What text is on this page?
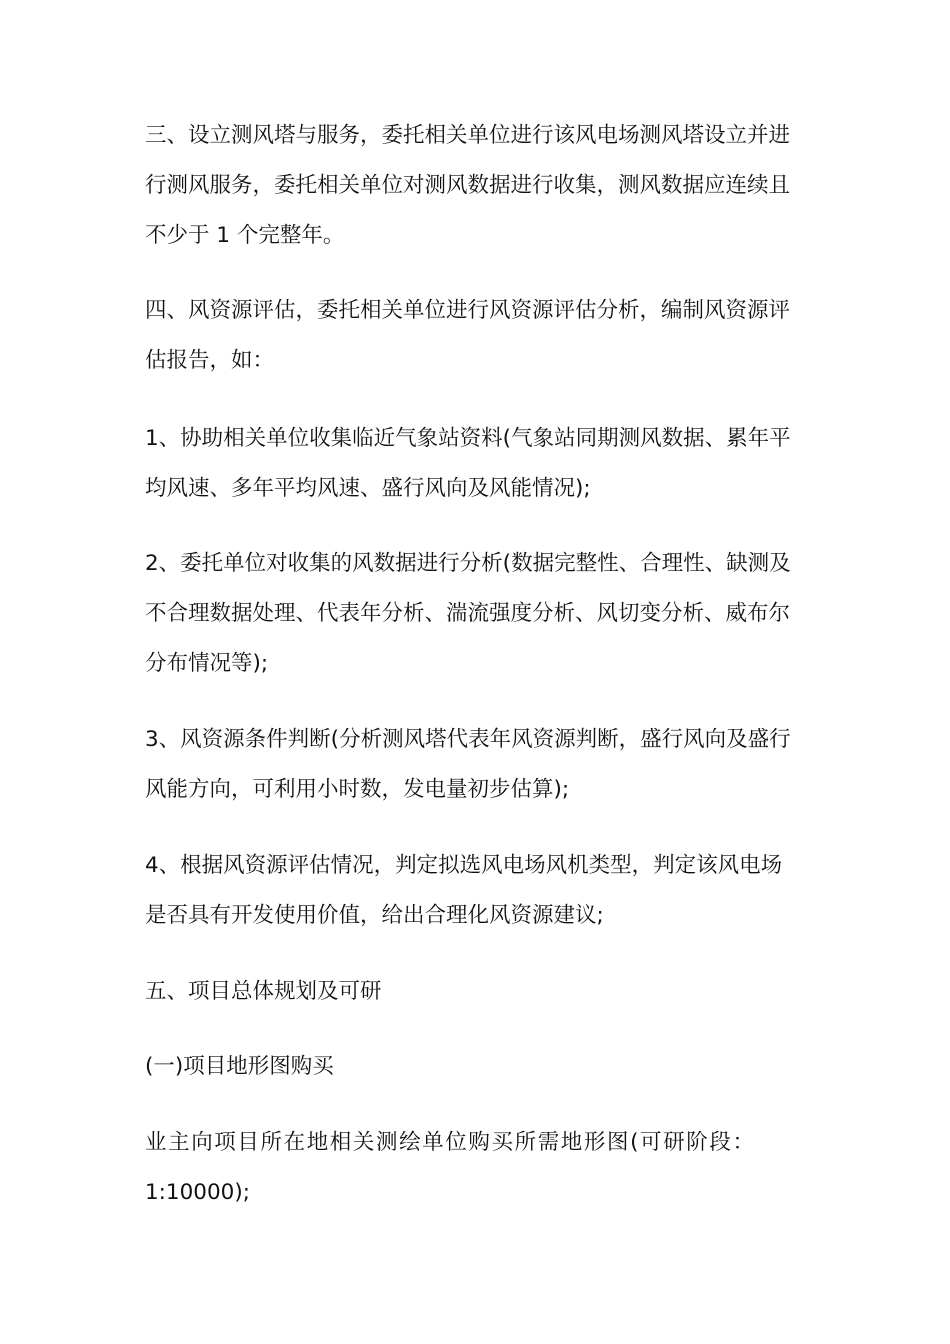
三、设立测风塔与服务，委托相关单位进行该风电场测风塔设立并进
行测风服务，委托相关单位对测风数据进行收集，测风数据应连续且
不少于 1 个完整年。

四、风资源评估，委托相关单位进行风资源评估分析，编制风资源评
估报告，如：

1、协助相关单位收集临近气象站资料(气象站同期测风数据、累年平
均风速、多年平均风速、盛行风向及风能情况);

2、委托单位对收集的风数据进行分析(数据完整性、合理性、缺测及
不合理数据处理、代表年分析、湍流强度分析、风切变分析、威布尔
分布情况等);

3、风资源条件判断(分析测风塔代表年风资源判断，盛行风向及盛行
风能方向，可利用小时数，发电量初步估算);

4、根据风资源评估情况，判定拟选风电场风机类型，判定该风电场
是否具有开发使用价值，给出合理化风资源建议;

五、项目总体规划及可研

(一)项目地形图购买

业主向项目所在地相关测绘单位购买所需地形图(可研阶段：
1:10000);
